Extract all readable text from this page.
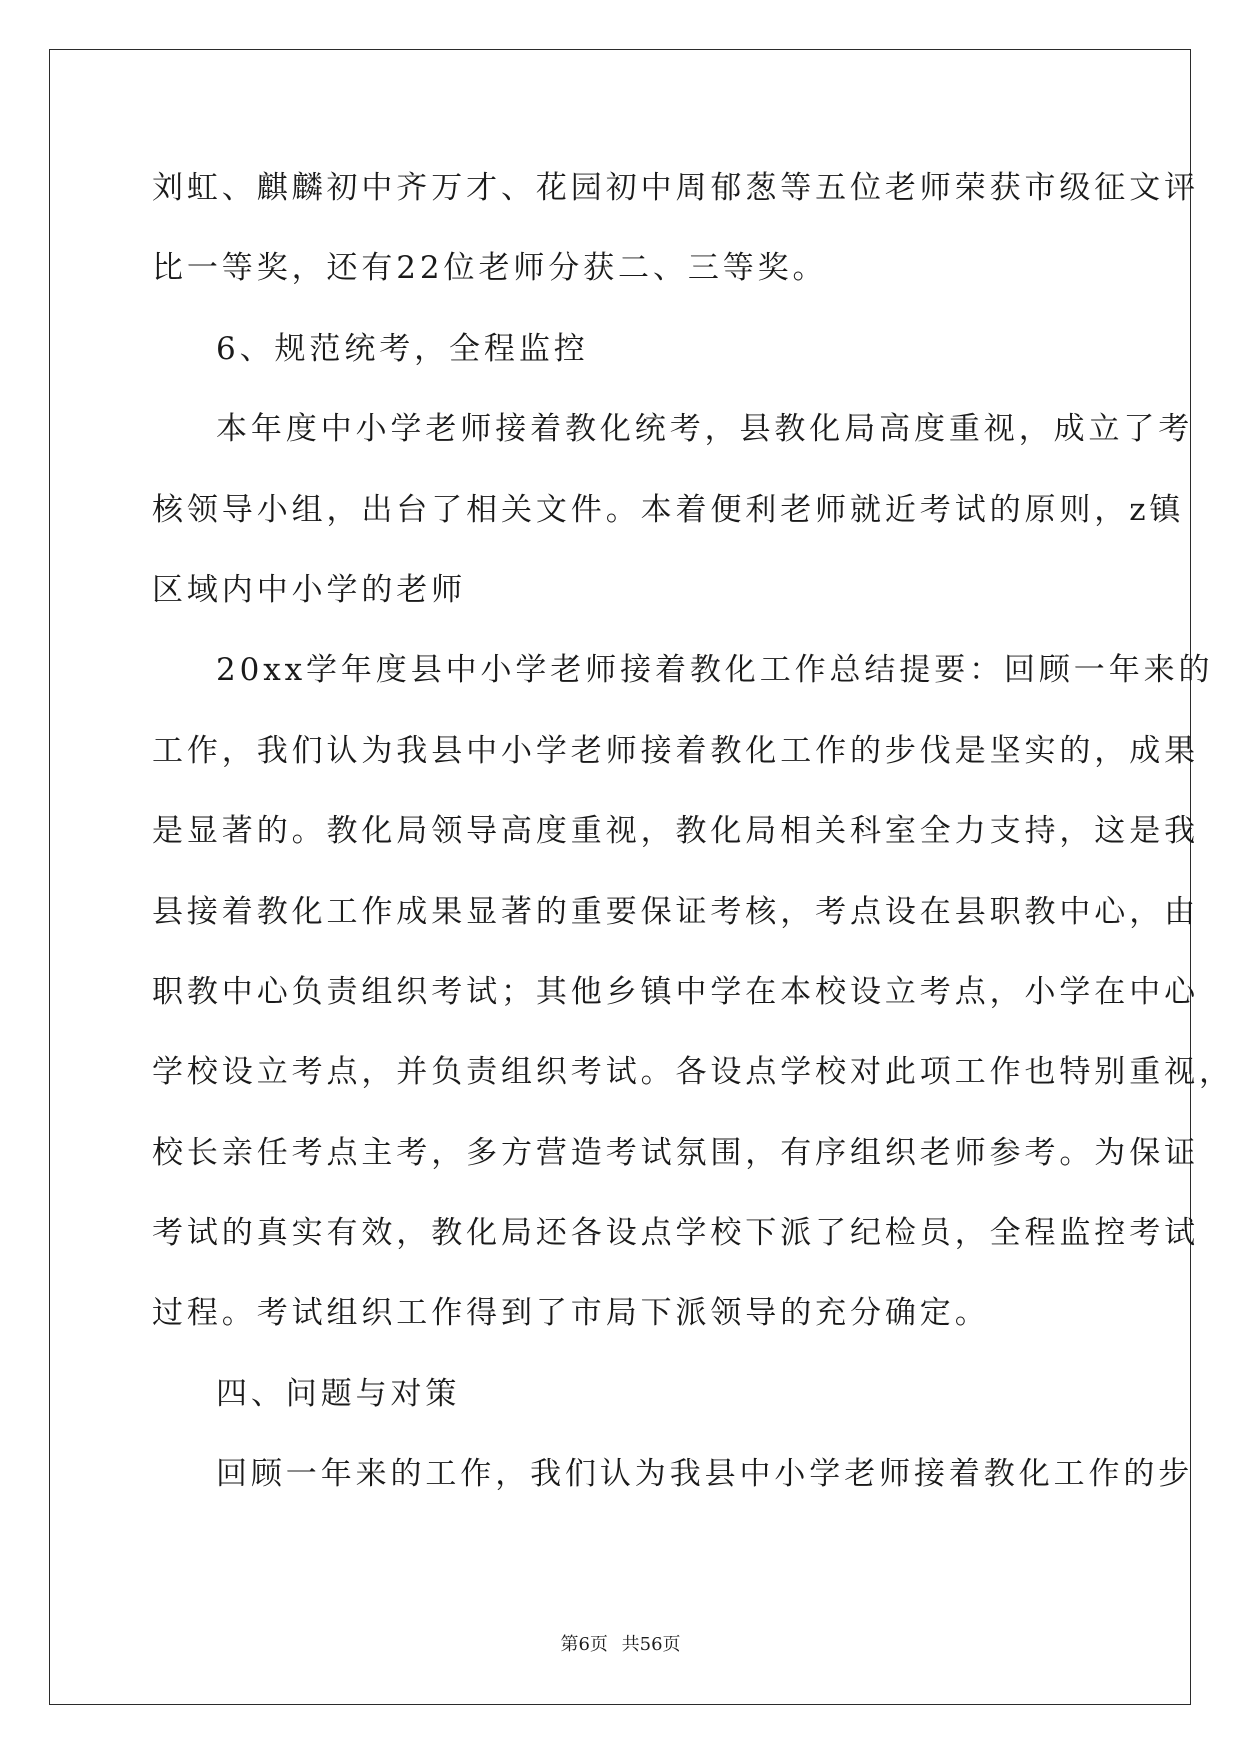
刘虹、麒麟初中齐万才、花园初中周郁葱等五位老师荣获市级征文评
比一等奖，还有22位老师分获二、三等奖。
6、规范统考，全程监控
本年度中小学老师接着教化统考，县教化局高度重视，成立了考
核领导小组，出台了相关文件。本着便利老师就近考试的原则，z镇
区域内中小学的老师
20xx学年度县中小学老师接着教化工作总结提要：回顾一年来的
工作，我们认为我县中小学老师接着教化工作的步伐是坚实的，成果
是显著的。教化局领导高度重视，教化局相关科室全力支持，这是我
县接着教化工作成果显著的重要保证考核，考点设在县职教中心，由
职教中心负责组织考试；其他乡镇中学在本校设立考点，小学在中心
学校设立考点，并负责组织考试。各设点学校对此项工作也特别重视，
校长亲任考点主考，多方营造考试氛围，有序组织老师参考。为保证
考试的真实有效，教化局还各设点学校下派了纪检员，全程监控考试
过程。考试组织工作得到了市局下派领导的充分确定。
四、问题与对策
回顾一年来的工作，我们认为我县中小学老师接着教化工作的步
第6页 共56页
